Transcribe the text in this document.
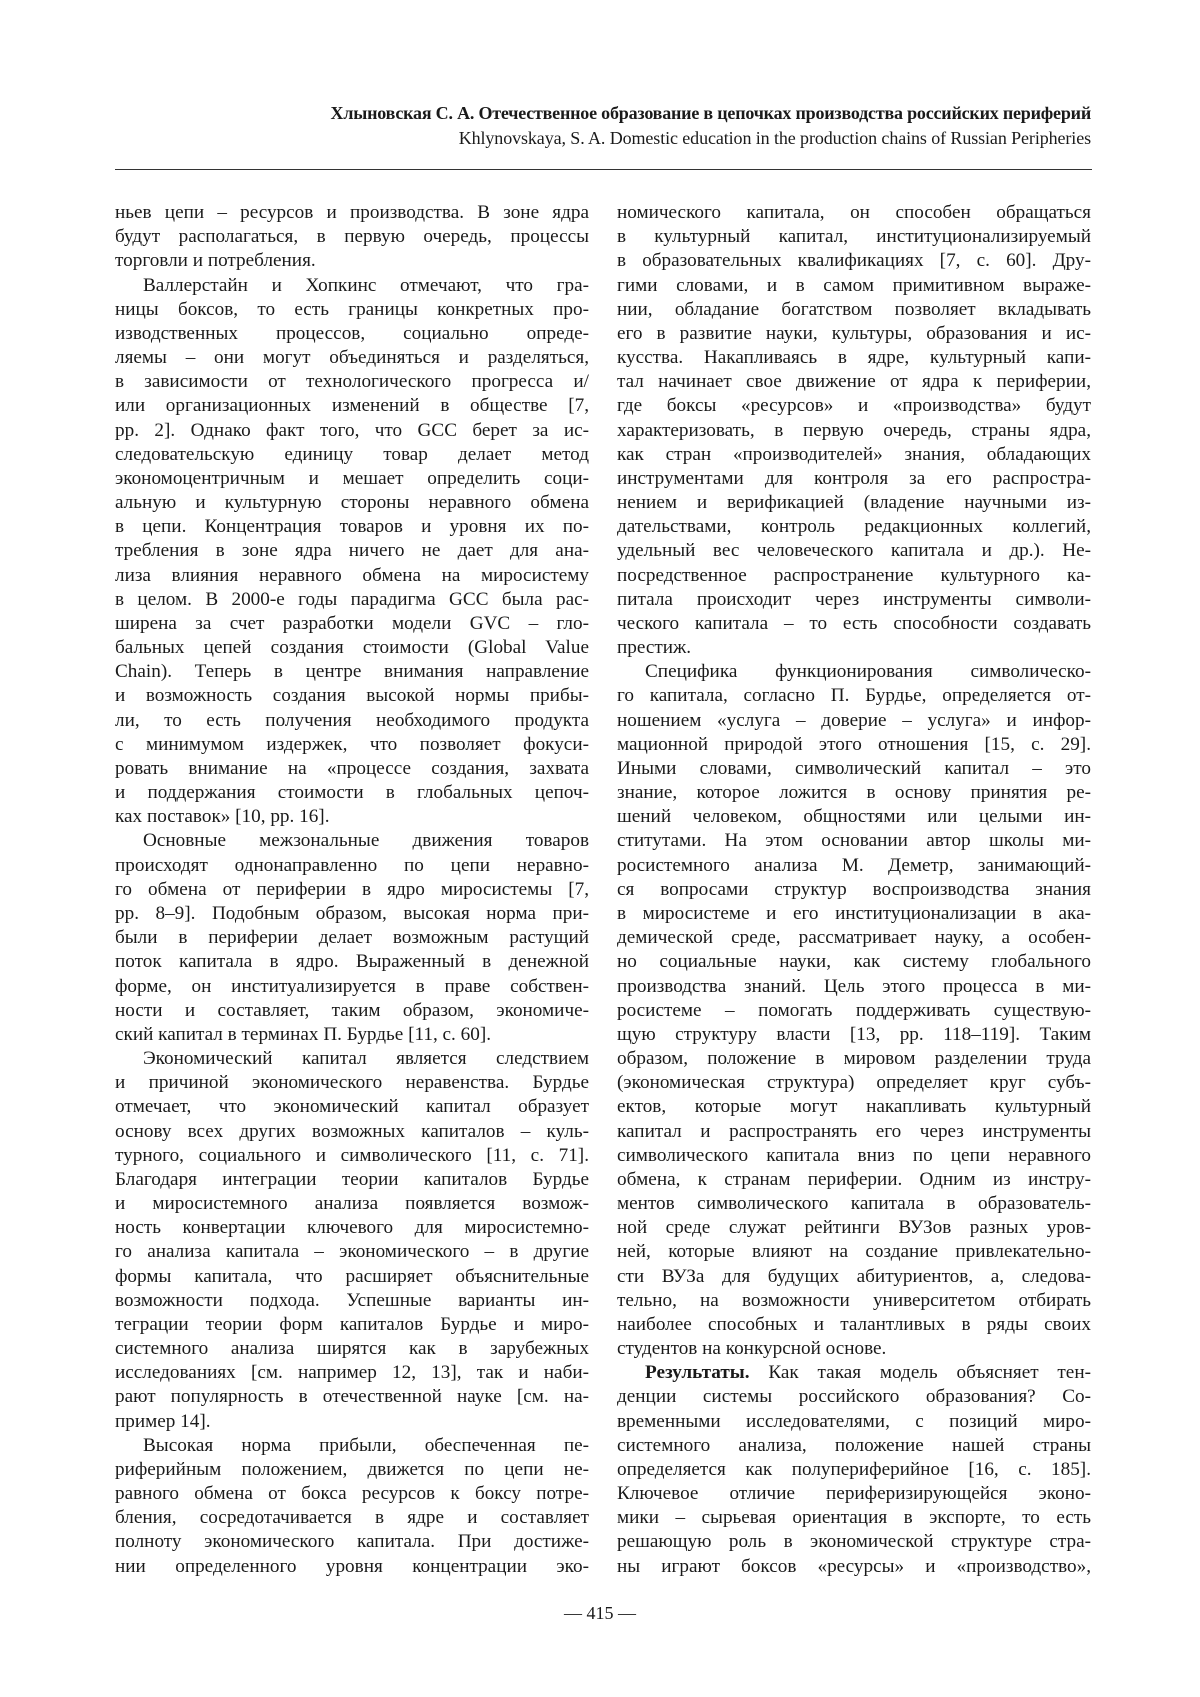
Хлыновская С. А. Отечественное образование в цепочках производства российских периферий
Khlynovskaya, S. A. Domestic education in the production chains of Russian Peripheries
ньев цепи – ресурсов и производства. В зоне ядра
будут располагаться, в первую очередь, процессы
торговли и потребления.
Валлерстайн и Хопкинс отмечают, что гра-
ницы боксов, то есть границы конкретных про-
изводственных процессов, социально опреде-
ляемы – они могут объединяться и разделяться,
в зависимости от технологического прогресса и/
или организационных изменений в обществе [7,
pp. 2]. Однако факт того, что GCC берет за ис-
следовательскую единицу товар делает метод
экономоцентричным и мешает определить соци-
альную и культурную стороны неравного обмена
в цепи. Концентрация товаров и уровня их по-
требления в зоне ядра ничего не дает для ана-
лиза влияния неравного обмена на миросистему
в целом. В 2000-е годы парадигма GCC была рас-
ширена за счет разработки модели GVC – гло-
бальных цепей создания стоимости (Global Value
Chain). Теперь в центре внимания направление
и возможность создания высокой нормы прибы-
ли, то есть получения необходимого продукта
с минимумом издержек, что позволяет фокуси-
ровать внимание на «процессе создания, захвата
и поддержания стоимости в глобальных цепоч-
ках поставок» [10, pp. 16].
Основные межзональные движения товаров
происходят однонаправленно по цепи неравно-
го обмена от периферии в ядро миросистемы [7,
pp. 8–9]. Подобным образом, высокая норма при-
были в периферии делает возможным растущий
поток капитала в ядро. Выраженный в денежной
форме, он институализируется в праве собствен-
ности и составляет, таким образом, экономиче-
ский капитал в терминах П. Бурдье [11, c. 60].
Экономический капитал является следствием
и причиной экономического неравенства. Бурдье
отмечает, что экономический капитал образует
основу всех других возможных капиталов – куль-
турного, социального и символического [11, c. 71].
Благодаря интеграции теории капиталов Бурдье
и миросистемного анализа появляется возмож-
ность конвертации ключевого для миросистемно-
го анализа капитала – экономического – в другие
формы капитала, что расширяет объяснительные
возможности подхода. Успешные варианты ин-
теграции теории форм капиталов Бурдье и миро-
системного анализа ширятся как в зарубежных
исследованиях [см. например 12, 13], так и наби-
рают популярность в отечественной науке [см. на-
пример 14].
Высокая норма прибыли, обеспеченная пе-
риферийным положением, движется по цепи не-
равного обмена от бокса ресурсов к боксу потре-
бления, сосредотачивается в ядре и составляет
полноту экономического капитала. При достиже-
нии определенного уровня концентрации эко-
номического капитала, он способен обращаться
в культурный капитал, институционализируемый
в образовательных квалификациях [7, c. 60]. Дру-
гими словами, и в самом примитивном выраже-
нии, обладание богатством позволяет вкладывать
его в развитие науки, культуры, образования и ис-
кусства. Накапливаясь в ядре, культурный капи-
тал начинает свое движение от ядра к периферии,
где боксы «ресурсов» и «производства» будут
характеризовать, в первую очередь, страны ядра,
как стран «производителей» знания, обладающих
инструментами для контроля за его распростра-
нением и верификацией (владение научными из-
дательствами, контроль редакционных коллегий,
удельный вес человеческого капитала и др.). Не-
посредственное распространение культурного ка-
питала происходит через инструменты символи-
ческого капитала – то есть способности создавать
престиж.
Специфика функционирования символическо-
го капитала, согласно П. Бурдье, определяется от-
ношением «услуга – доверие – услуга» и инфор-
мационной природой этого отношения [15, c. 29].
Иными словами, символический капитал – это
знание, которое ложится в основу принятия ре-
шений человеком, общностями или целыми ин-
ститутами. На этом основании автор школы ми-
росистемного анализа М. Деметр, занимающий-
ся вопросами структур воспроизводства знания
в миросистеме и его институционализации в ака-
демической среде, рассматривает науку, а особен-
но социальные науки, как систему глобального
производства знаний. Цель этого процесса в ми-
росистеме – помогать поддерживать существую-
щую структуру власти [13, pp. 118–119]. Таким
образом, положение в мировом разделении труда
(экономическая структура) определяет круг субъ-
ектов, которые могут накапливать культурный
капитал и распространять его через инструменты
символического капитала вниз по цепи неравного
обмена, к странам периферии. Одним из инстру-
ментов символического капитала в образователь-
ной среде служат рейтинги ВУЗов разных уров-
ней, которые влияют на создание привлекательно-
сти ВУЗа для будущих абитуриентов, а, следова-
тельно, на возможности университетом отбирать
наиболее способных и талантливых в ряды своих
студентов на конкурсной основе.
Результаты. Как такая модель объясняет тен-
денции системы российского образования? Со-
временными исследователями, с позиций миро-
системного анализа, положение нашей страны
определяется как полупериферийное [16, c. 185].
Ключевое отличие периферизирующейся эконо-
мики – сырьевая ориентация в экспорте, то есть
решающую роль в экономической структуре стра-
ны играют боксов «ресурсы» и «производство»,
— 415 —
